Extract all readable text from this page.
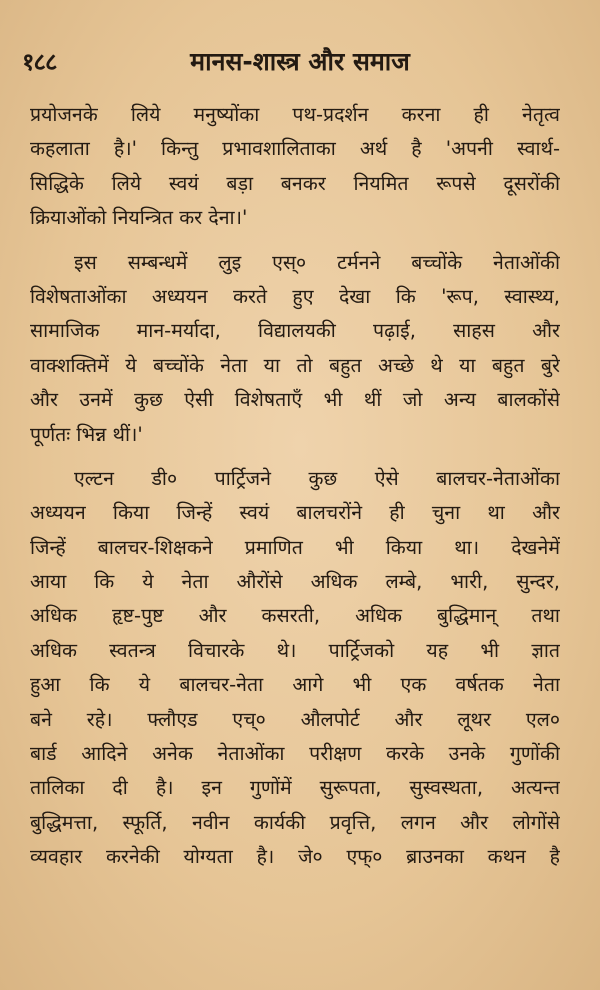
१८८	मानस-शास्त्र और समाज
प्रयोजनके लिये मनुष्योंका पथ-प्रदर्शन करना ही नेतृत्व
कहलाता है।' किन्तु प्रभावशालिताका अर्थ है 'अपनी स्वार्थ-
सिद्धिके लिये स्वयं बड़ा बनकर नियमित रूपसे दूसरोंकी
क्रियाओंको नियन्त्रित कर देना।'
इस सम्बन्धमें लुइ एस्० टर्मनने बच्चोंके नेताओंकी
विशेषताओंका अध्ययन करते हुए देखा कि 'रूप, स्वास्थ्य,
सामाजिक मान-मर्यादा, विद्यालयकी पढ़ाई, साहस और
वाक्शक्तिमें ये बच्चोंके नेता या तो बहुत अच्छे थे या बहुत बुरे
और उनमें कुछ ऐसी विशेषताएँ भी थीं जो अन्य बालकोंसे
पूर्णतः भिन्न थीं।'
एल्टन डी० पार्ट्रिजने कुछ ऐसे बालचर-नेताओंका
अध्ययन किया जिन्हें स्वयं बालचरोंने ही चुना था और
जिन्हें बालचर-शिक्षकने प्रमाणित भी किया था। देखनेमें
आया कि ये नेता औरोंसे अधिक लम्बे, भारी, सुन्दर,
अधिक हृष्ट-पुष्ट और कसरती, अधिक बुद्धिमान् तथा
अधिक स्वतन्त्र विचारके थे। पार्ट्रिजको यह भी ज्ञात
हुआ कि ये बालचर-नेता आगे भी एक वर्षतक नेता
बने रहे। फ्लौएड एच्० औलपोर्ट और लूथर एल०
बार्ड आदिने अनेक नेताओंका परीक्षण करके उनके गुणोंकी
तालिका दी है। इन गुणोंमें सुरूपता, सुस्वस्थता, अत्यन्त
बुद्धिमत्ता, स्फूर्ति, नवीन कार्यकी प्रवृत्ति, लगन और लोगोंसे
व्यवहार करनेकी योग्यता है। जे० एफ्० ब्राउनका कथन है
